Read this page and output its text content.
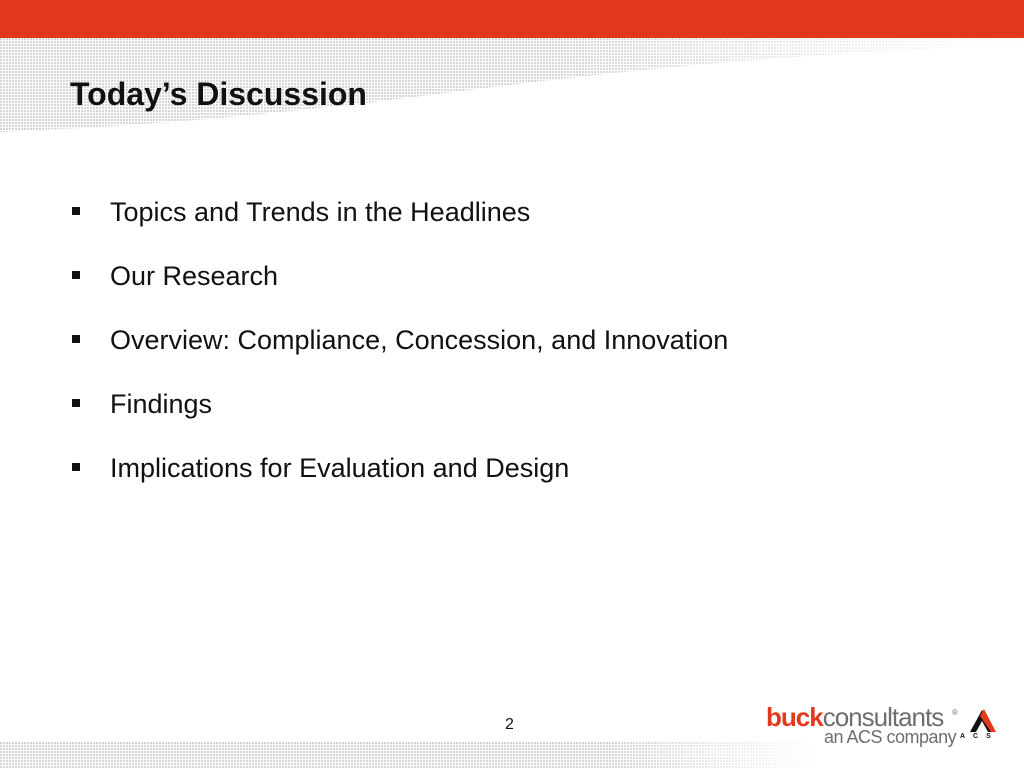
Today’s Discussion
Topics and Trends in the Headlines
Our Research
Overview: Compliance, Concession, and Innovation
Findings
Implications for Evaluation and Design
2	buckconsultants ®
an ACS company ACS
